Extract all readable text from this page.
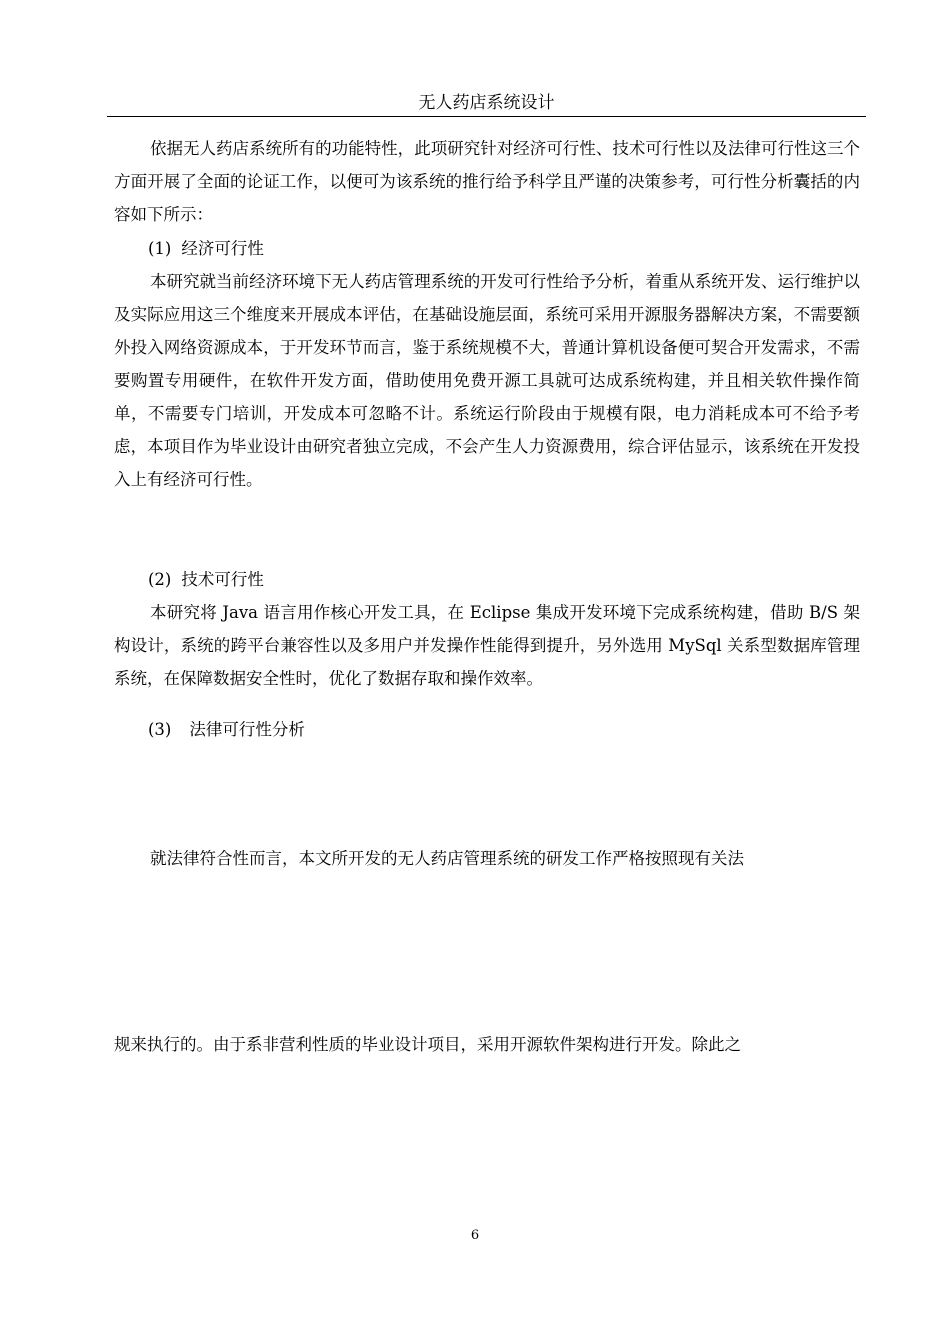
无人药店系统设计

依据无人药店系统所有的功能特性，此项研究针对经济可行性、技术可行性以及法律可行性这三个方面开展了全面的论证工作，以便可为该系统的推行给予科学且严谨的决策参考，可行性分析囊括的内容如下所示：

(1) 经济可行性

本研究就当前经济环境下无人药店管理系统的开发可行性给予分析，着重从系统开发、运行维护以及实际应用这三个维度来开展成本评估，在基础设施层面，系统可采用开源服务器解决方案，不需要额外投入网络资源成本，于开发环节而言，鉴于系统规模不大，普通计算机设备便可契合开发需求，不需要购置专用硬件，在软件开发方面，借助使用免费开源工具就可达成系统构建，并且相关软件操作简单，不需要专门培训，开发成本可忽略不计。系统运行阶段由于规模有限，电力消耗成本可不给予考虑，本项目作为毕业设计由研究者独立完成，不会产生人力资源费用，综合评估显示，该系统在开发投入上有经济可行性。

(2) 技术可行性

本研究将 Java 语言用作核心开发工具，在 Eclipse 集成开发环境下完成系统构建，借助 B/S 架构设计，系统的跨平台兼容性以及多用户并发操作性能得到提升，另外选用 MySql 关系型数据库管理系统，在保障数据安全性时，优化了数据存取和操作效率。

(3) 法律可行性分析
就法律符合性而言，本文所开发的无人药店管理系统的研发工作严格按照现有关法
规来执行的。由于系非营利性质的毕业设计项目，采用开源软件架构进行开发。除此之
6
